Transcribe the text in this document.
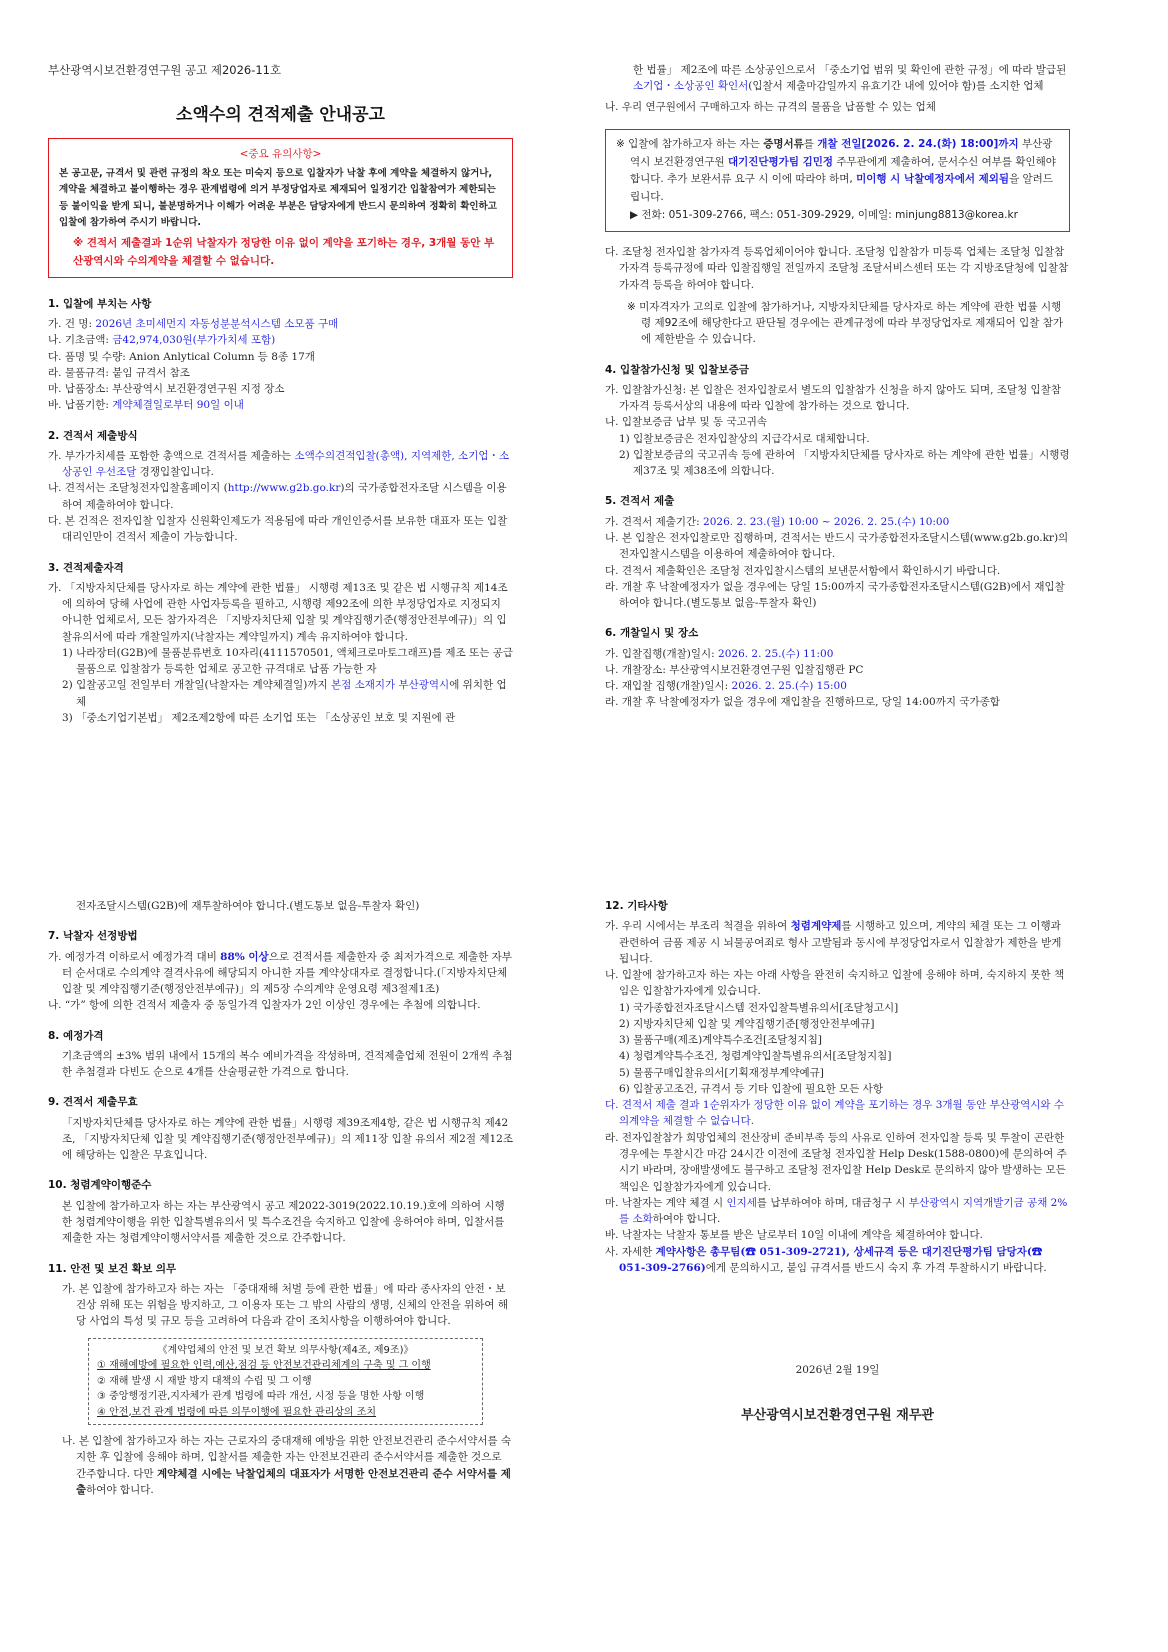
부산광역시보건환경연구원 공고 제2026-11호

소액수의 견적제출 안내공고
<중요 유의사항>
본 공고문, 규격서 및 관련 규정의 착오 또는 미숙지 등으로 입찰자가 낙찰 후에 계약을 체결하지 않거나, 계약을 체결하고 불이행하는 경우 관계법령에 의거 부정당업자로 제재되어 일정기간 입찰참여가 제한되는 등 불이익을 받게 되니, 불분명하거나 이해가 어려운 부분은 담당자에게 반드시 문의하여 정확히 확인하고 입찰에 참가하여 주시기 바랍니다.
※ 견적서 제출결과 1순위 낙찰자가 정당한 이유 없이 계약을 포기하는 경우, 3개월 동안 부산광역시와 수의계약을 체결할 수 없습니다.
1. 입찰에 부치는 사항

가. 건 명: 2026년 초미세먼지 자동성분분석시스템 소모품 구매

나. 기초금액: 금42,974,030원(부가가치세 포함)

다. 품명 및 수량: Anion Anlytical Column 등 8종 17개

라. 물품규격: 붙임 규격서 참조

마. 납품장소: 부산광역시 보건환경연구원 지정 장소

바. 납품기한: 계약체결일로부터 90일 이내

2. 견적서 제출방식

가. 부가가치세를 포함한 총액으로 견적서를 제출하는 소액수의견적입찰(총액), 지역제한, 소기업・소상공인 우선조달 경쟁입찰입니다.

나. 견적서는 조달청전자입찰홈페이지 (http://www.g2b.go.kr)의 국가종합전자조달 시스템을 이용하여 제출하여야 합니다.

다. 본 건적은 전자입찰 입찰자 신원확인제도가 적용됨에 따라 개인인증서를 보유한 대표자 또는 입찰대리인만이 견적서 제출이 가능합니다.

3. 견적제출자격

가. 「지방자치단체를 당사자로 하는 계약에 관한 법률」 시행령 제13조 및 같은 법 시행규칙 제14조에 의하여 당해 사업에 관한 사업자등록을 필하고, 시행령 제92조에 의한 부정당업자로 지정되지 아니한 업체로서, 모든 참가자격은 「지방자치단체 입찰 및 계약집행기준(행정안전부예규)」의 입찰유의서에 따라 개찰일까지(낙찰자는 계약일까지) 계속 유지하여야 합니다.

1) 나라장터(G2B)에 물품분류번호 10자리(4111570501, 액체크로마토그래프)를 제조 또는 공급 물품으로 입찰참가 등록한 업체로 공고한 규격대로 납품 가능한 자

2) 입찰공고일 전일부터 개찰일(낙찰자는 계약체결일)까지 본점 소재지가 부산광역시에 위치한 업체

3) 「중소기업기본법」 제2조제2항에 따른 소기업 또는 「소상공인 보호 및 지원에 관

한 법률」 제2조에 따른 소상공인으로서 「중소기업 범위 및 확인에 관한 규정」에 따라 발급된 소기업・소상공인 확인서(입찰서 제출마감일까지 유효기간 내에 있어야 함)를 소지한 업체

나. 우리 연구원에서 구매하고자 하는 규격의 물품을 납품할 수 있는 업체

※ 입찰에 참가하고자 하는 자는 증명서류를 개찰 전일[2026. 2. 24.(화) 18:00]까지 부산광역시 보건환경연구원 대기진단평가팀 김민정 주무관에게 제출하여, 문서수신 여부를 확인해야 합니다. 추가 보완서류 요구 시 이에 따라야 하며, 미이행 시 낙찰예정자에서 제외됨을 알려드립니다.

▶ 전화: 051-309-2766, 팩스: 051-309-2929, 이메일: minjung8813@korea.kr

다. 조달청 전자입찰 참가자격 등록업체이어야 합니다. 조달청 입찰참가 미등록 업체는 조달청 입찰참가자격 등록규정에 따라 입찰집행일 전일까지 조달청 조달서비스센터 또는 각 지방조달청에 입찰참가자격 등록을 하여야 합니다.

※ 미자격자가 고의로 입찰에 참가하거나, 지방자치단체를 당사자로 하는 계약에 관한 법률 시행령 제92조에 해당한다고 판단될 경우에는 관계규정에 따라 부정당업자로 제재되어 입찰 참가에 제한받을 수 있습니다.

4. 입찰참가신청 및 입찰보증금

가. 입찰참가신청: 본 입찰은 전자입찰로서 별도의 입찰참가 신청을 하지 않아도 되며, 조달청 입찰참가자격 등록서상의 내용에 따라 입찰에 참가하는 것으로 합니다.

나. 입찰보증금 납부 및 동 국고귀속

1) 입찰보증금은 전자입찰상의 지급각서로 대체합니다.

2) 입찰보증금의 국고귀속 등에 관하여 「지방자치단체를 당사자로 하는 계약에 관한 법률」시행령 제37조 및 제38조에 의합니다.

5. 견적서 제출

가. 견적서 제출기간: 2026. 2. 23.(월) 10:00 ~ 2026. 2. 25.(수) 10:00

나. 본 입찰은 전자입찰로만 집행하며, 견적서는 반드시 국가종합전자조달시스템(www.g2b.go.kr)의 전자입찰시스템을 이용하여 제출하여야 합니다.

다. 견적서 제출확인은 조달청 전자입찰시스템의 보낸문서함에서 확인하시기 바랍니다.

라. 개찰 후 낙찰예정자가 없을 경우에는 당일 15:00까지 국가종합전자조달시스템(G2B)에서 재입찰하여야 합니다.(별도통보 없음-투찰자 확인)

6. 개찰일시 및 장소

가. 입찰집행(개찰)일시: 2026. 2. 25.(수) 11:00

나. 개찰장소: 부산광역시보건환경연구원 입찰집행관 PC

다. 재입찰 집행(개찰)일시: 2026. 2. 25.(수) 15:00

라. 개찰 후 낙찰예정자가 없을 경우에 재입찰을 진행하므로, 당일 14:00까지 국가종합

전자조달시스템(G2B)에 재투찰하여야 합니다.(별도통보 없음-투찰자 확인)

7. 낙찰자 선정방법

가. 예정가격 이하로서 예정가격 대비 88% 이상으로 견적서를 제출한자 중 최저가격으로 제출한 자부터 순서대로 수의계약 결격사유에 해당되지 아니한 자를 계약상대자로 결정합니다.(「지방자치단체 입찰 및 계약집행기준(행정안전부예규)」의 제5장 수의계약 운영요령 제3절제1조)

나. “가” 항에 의한 견적서 제출자 중 동일가격 입찰자가 2인 이상인 경우에는 추첨에 의합니다.

8. 예정가격

기초금액의 ±3% 범위 내에서 15개의 복수 예비가격을 작성하며, 견적제출업체 전원이 2개씩 추첨한 추첨결과 다빈도 순으로 4개를 산술평균한 가격으로 합니다.

9. 견적서 제출무효

「지방자치단체를 당사자로 하는 계약에 관한 법률」시행령 제39조제4항, 같은 법 시행규칙 제42조, 「지방자치단체 입찰 및 계약집행기준(행정안전부예규)」의 제11장 입찰 유의서 제2절 제12조에 해당하는 입찰은 무효입니다.

10. 청렴계약이행준수

본 입찰에 참가하고자 하는 자는 부산광역시 공고 제2022-3019(2022.10.19.)호에 의하여 시행한 청렴계약이행을 위한 입찰특별유의서 및 특수조건을 숙지하고 입찰에 응하여야 하며, 입찰서를 제출한 자는 청렴계약이행서약서를 제출한 것으로 간주합니다.

11. 안전 및 보건 확보 의무

가. 본 입찰에 참가하고자 하는 자는 「중대재해 처벌 등에 관한 법률」에 따라 종사자의 안전・보건상 위해 또는 위험을 방지하고, 그 이용자 또는 그 밖의 사람의 생명, 신체의 안전을 위하여 해당 사업의 특성 및 규모 등을 고려하여 다음과 같이 조치사항을 이행하여야 합니다.

《계약업체의 안전 및 보건 확보 의무사항(제4조, 제9조)》
① 재해예방에 필요한 인력,예산,점검 등 안전보건관리체계의 구축 및 그 이행
② 재해 발생 시 재발 방지 대책의 수립 및 그 이행
③ 중앙행정기관,지자체가 관계 법령에 따라 개선, 시정 등을 명한 사항 이행
④ 안전,보건 관계 법령에 따른 의무이행에 필요한 관리상의 조치

나. 본 입찰에 참가하고자 하는 자는 근로자의 중대재해 예방을 위한 안전보건관리 준수서약서를 숙지한 후 입찰에 응해야 하며, 입찰서를 제출한 자는 안전보건관리 준수서약서를 제출한 것으로 간주합니다. 다만 계약체결 시에는 낙찰업체의 대표자가 서명한 안전보건관리 준수 서약서를 제출하여야 합니다.

12. 기타사항

가. 우리 시에서는 부조리 척결을 위하여 청렴계약제를 시행하고 있으며, 계약의 체결 또는 그 이행과 관련하여 금품 제공 시 뇌물공여죄로 형사 고발됨과 동시에 부정당업자로서 입찰참가 제한을 받게 됩니다.

나. 입찰에 참가하고자 하는 자는 아래 사항을 완전히 숙지하고 입찰에 응해야 하며, 숙지하지 못한 책임은 입찰참가자에게 있습니다.

1) 국가종합전자조달시스템 전자입찰특별유의서[조달청고시]

2) 지방자치단체 입찰 및 계약집행기준[행정안전부예규]

3) 물품구매(제조)계약특수조건[조달청지침]

4) 청렴계약특수조건, 청렴계약입찰특별유의서[조달청지침]

5) 물품구매입찰유의서[기획재정부계약예규]

6) 입찰공고조건, 규격서 등 기타 입찰에 필요한 모든 사항

다. 견적서 제출 결과 1순위자가 정당한 이유 없이 계약을 포기하는 경우 3개월 동안 부산광역시와 수의계약을 체결할 수 없습니다.

라. 전자입찰참가 희망업체의 전산장비 준비부족 등의 사유로 인하여 전자입찰 등록 및 투찰이 곤란한 경우에는 투찰시간 마감 24시간 이전에 조달청 전자입찰 Help Desk(1588-0800)에 문의하여 주시기 바라며, 장애발생에도 불구하고 조달청 전자입찰 Help Desk로 문의하지 않아 발생하는 모든 책임은 입찰참가자에게 있습니다.

마. 낙찰자는 계약 체결 시 인지세를 납부하여야 하며, 대금청구 시 부산광역시 지역개발기금 공채 2%를 소화하여야 합니다.

바. 낙찰자는 낙찰자 통보를 받은 날로부터 10일 이내에 계약을 체결하여야 합니다.

사. 자세한 계약사항은 총무팀(☎ 051-309-2721), 상세규격 등은 대기진단평가팀 담당자(☎ 051-309-2766)에게 문의하시고, 붙임 규격서를 반드시 숙지 후 가격 투찰하시기 바랍니다.

2026년 2월 19일
부산광역시보건환경연구원 재무관
